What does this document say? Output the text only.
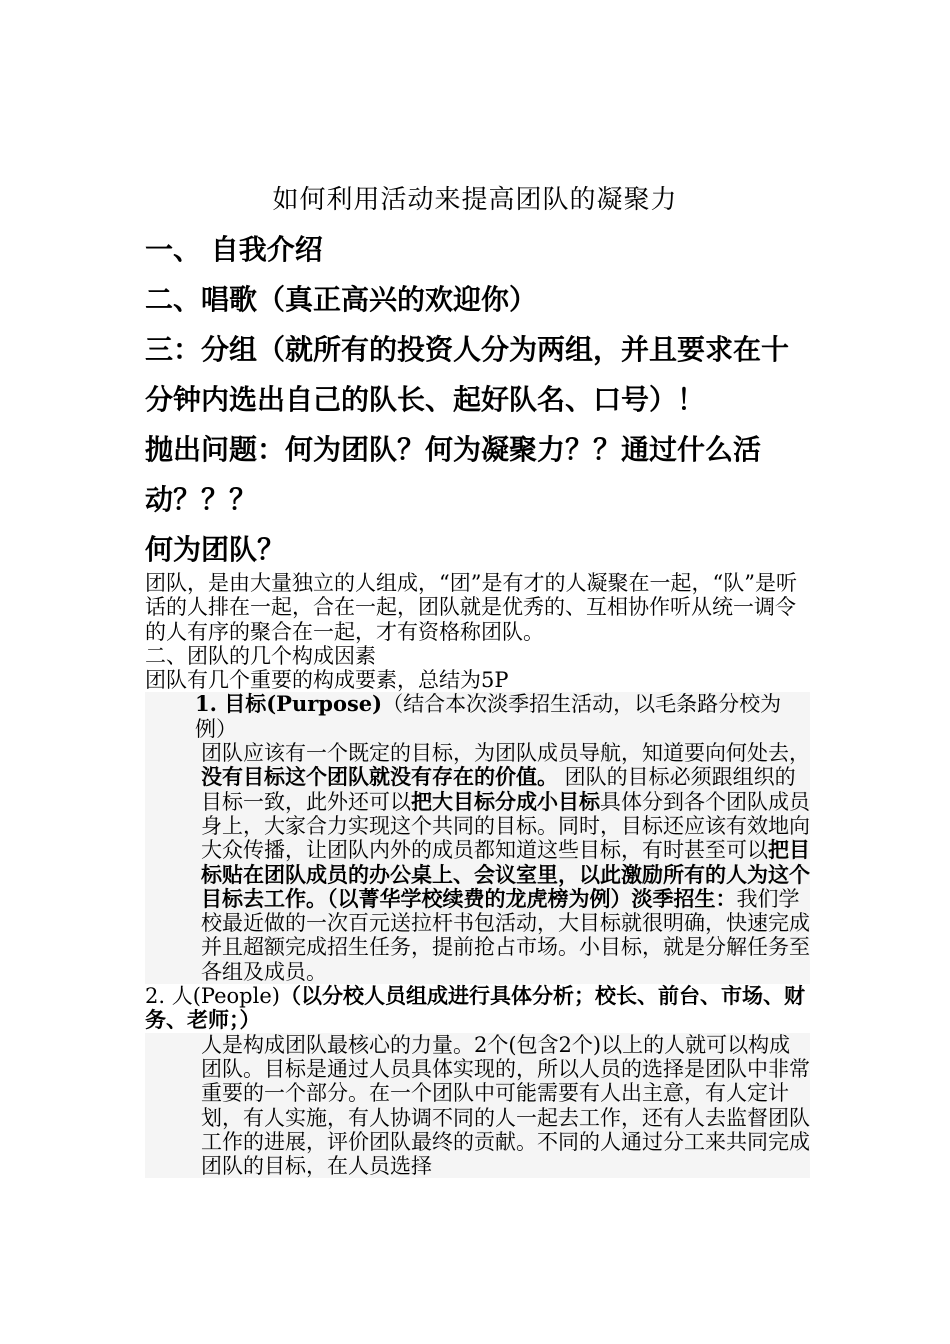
如何利用活动来提高团队的凝聚力
一、 自我介绍
二、唱歌（真正高兴的欢迎你）
三：分组（就所有的投资人分为两组，并且要求在十
分钟内选出自己的队长、起好队名、口号）！
抛出问题：何为团队？何为凝聚力？？通过什么活
动？？？
何为团队？

团队，是由大量独立的人组成，“团”是有才的人凝聚在一起，“队”是听话的人排在一起，合在一起，团队就是优秀的、互相协作听从统一调令的人有序的聚合在一起，才有资格称团队。

二、团队的几个构成因素

团队有几个重要的构成要素，总结为5P

1. 目标(Purpose)（结合本次淡季招生活动，以毛条路分校为例）

团队应该有一个既定的目标，为团队成员导航，知道要向何处去，没有目标这个团队就没有存在的价值。 团队的目标必须跟组织的目标一致，此外还可以把大目标分成小目标具体分到各个团队成员身上，大家合力实现这个共同的目标。同时，目标还应该有效地向大众传播，让团队内外的成员都知道这些目标，有时甚至可以把目标贴在团队成员的办公桌上、会议室里，以此激励所有的人为这个目标去工作。（以菁华学校续费的龙虎榜为例）淡季招生：我们学校最近做的一次百元送拉杆书包活动，大目标就很明确，快速完成并且超额完成招生任务，提前抢占市场。小目标，就是分解任务至各组及成员。

2. 人(People)（以分校人员组成进行具体分析；校长、前台、市场、财务、老师；）

人是构成团队最核心的力量。2个(包含2个)以上的人就可以构成团队。目标是通过人员具体实现的，所以人员的选择是团队中非常重要的一个部分。在一个团队中可能需要有人出主意，有人定计划，有人实施，有人协调不同的人一起去工作，还有人去监督团队工作的进展，评价团队最终的贡献。不同的人通过分工来共同完成团队的目标，在人员选择
